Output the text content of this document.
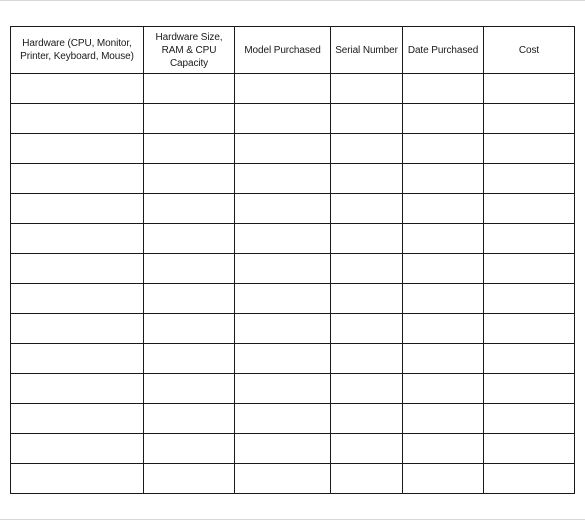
Hardware (CPU, Monitor, Printer, Keyboard, Mouse)	Hardware Size, RAM & CPU Capacity	Model Purchased	Serial Number	Date Purchased	Cost
